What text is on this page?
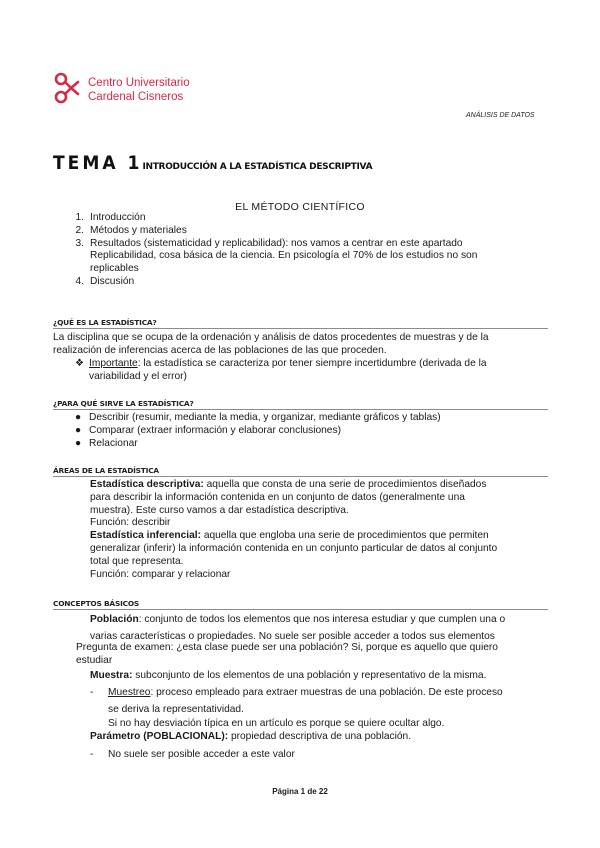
Centro Universitario
Cardenal Cisneros
ANÁLISIS DE DATOS
TEMA 1INTRODUCCIÓN A LA ESTADÍSTICA DESCRIPTIVA
EL MÉTODO CIENTÍFICO
1. Introducción
2. Métodos y materiales
3. Resultados (sistematicidad y replicabilidad): nos vamos a centrar en este apartado
Replicabilidad, cosa básica de la ciencia. En psicología el 70% de los estudios no son
replicables
4. Discusión
¿QUÉ ES LA ESTADÍSTICA?
La disciplina que se ocupa de la ordenación y análisis de datos procedentes de muestras y de la
realización de inferencias acerca de las poblaciones de las que proceden.
❖ Importante: la estadística se caracteriza por tener siempre incertidumbre (derivada de la
variabilidad y el error)
¿PARA QUÉ SIRVE LA ESTADÍSTICA?
● Describir (resumir, mediante la media, y organizar, mediante gráficos y tablas)
● Comparar (extraer información y elaborar conclusiones)
● Relacionar
ÁREAS DE LA ESTADÍSTICA
Estadística descriptiva: aquella que consta de una serie de procedimientos diseñados
para describir la información contenida en un conjunto de datos (generalmente una
muestra). Este curso vamos a dar estadística descriptiva.
Función: describir
Estadística inferencial: aquella que engloba una serie de procedimientos que permiten
generalizar (inferir) la información contenida en un conjunto particular de datos al conjunto
total que representa.
Función: comparar y relacionar
CONCEPTOS BÁSICOS
Población: conjunto de todos los elementos que nos interesa estudiar y que cumplen una o
varias características o propiedades. No suele ser posible acceder a todos sus elementos
Pregunta de examen: ¿esta clase puede ser una población? Si, porque es aquello que quiero
estudiar
Muestra: subconjunto de los elementos de una población y representativo de la misma.
- Muestreo: proceso empleado para extraer muestras de una población. De este proceso
se deriva la representatividad.
Si no hay desviación típica en un artículo es porque se quiere ocultar algo.
Parámetro (POBLACIONAL): propiedad descriptiva de una población.
- No suele ser posible acceder a este valor
Página 1 de 22
